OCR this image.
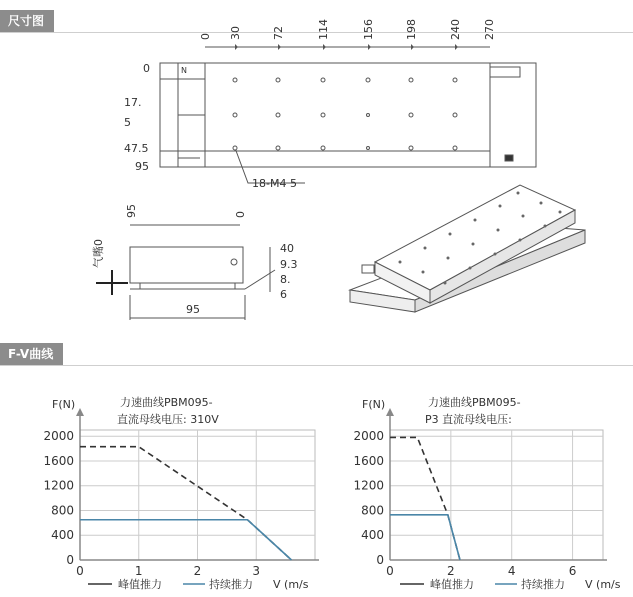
尺寸图
F-V曲线
0 30	72	114	156	198	240 270
0
17.
5
47.5
95
N
18-M4 5
95	0
40
9.3
8.
6
95
气嘴0
2000
1600
1200
800
400
0
0	1	2	3
F(N)	力速曲线PBM095-
直流母线电压: 310V
峰值推力	持续推力 V (m/s
2000
1600
1200
800
400
0
0	2	4	6
F(N)	力速曲线PBM095-
P3 直流母线电压:
峰值推力	持续推力 V (m/s
